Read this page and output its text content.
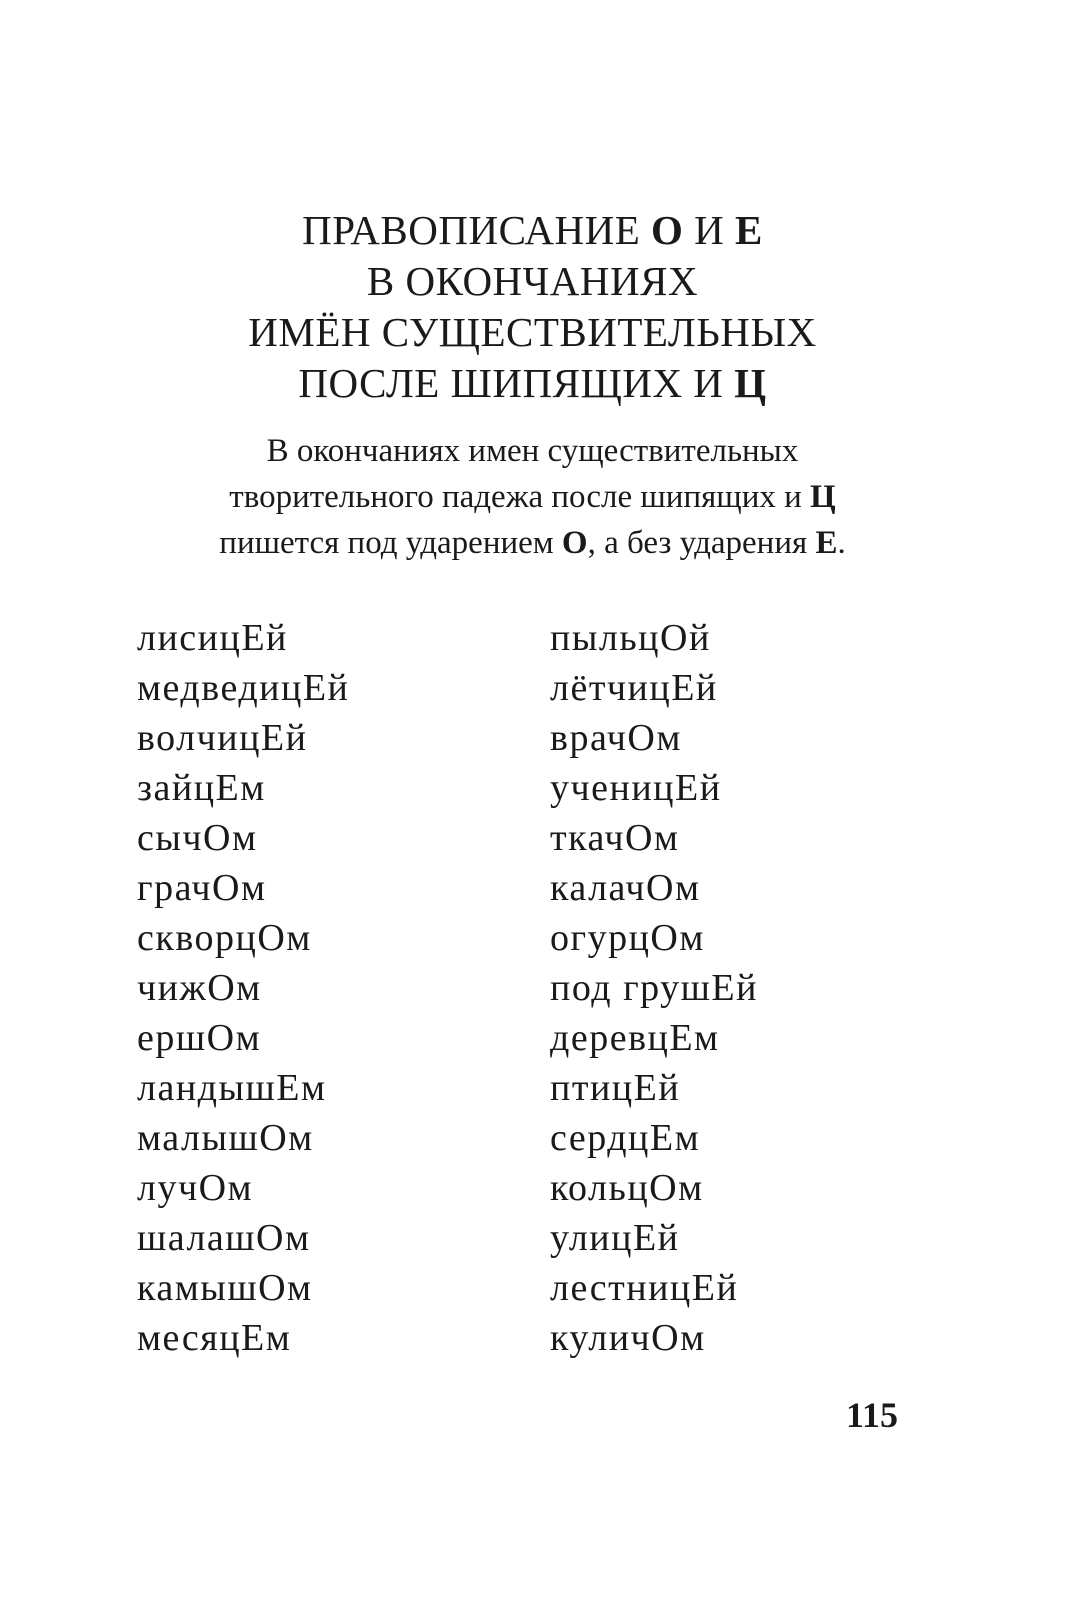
ПРАВОПИСАНИЕ О И Е
В ОКОНЧАНИЯХ
ИМЁН СУЩЕСТВИТЕЛЬНЫХ
ПОСЛЕ ШИПЯЩИХ И Ц
В окончаниях имен существительных
творительного падежа после шипящих и Ц
пишется под ударением О, а без ударения Е.
лисицЕй
медведицЕй
волчицЕй
зайцЕм
сычОм
грачОм
скворцОм
чижОм
ершОм
ландышЕм
малышОм
лучОм
шалашОм
камышОм
месяцЕм
пыльцОй
лётчицЕй
врачОм
ученицЕй
ткачОм
калачОм
огурцОм
под грушЕй
деревцЕм
птицЕй
сердцЕм
кольцОм
улицЕй
лестницЕй
куличОм
115
